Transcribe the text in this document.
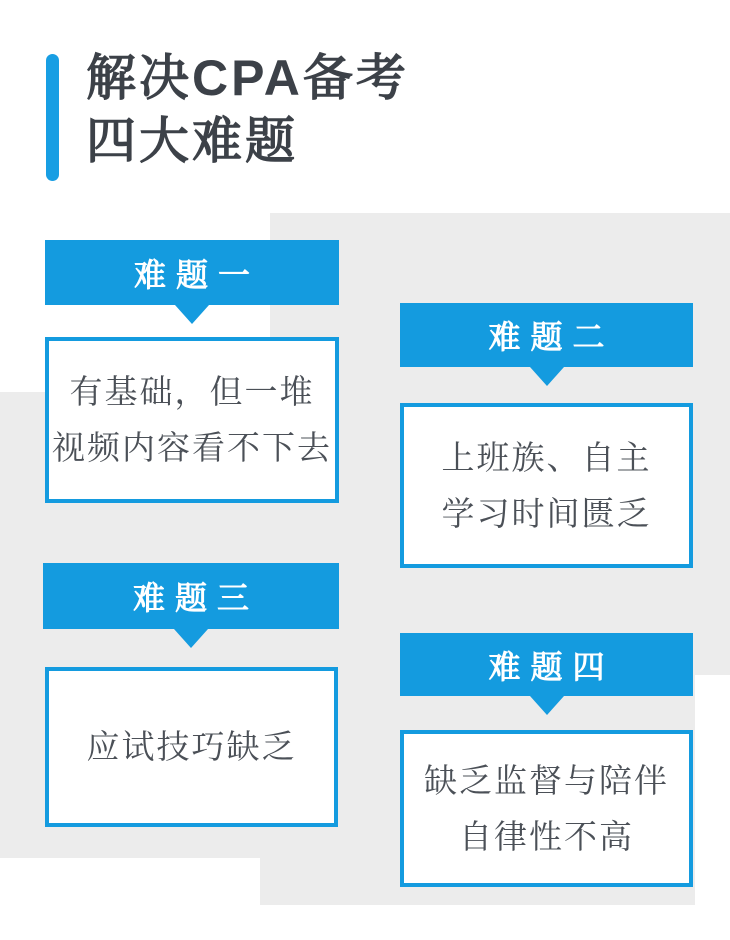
解决CPA备考
四大难题
难题一
有基础，但一堆
视频内容看不下去
难题二
上班族、自主
学习时间匮乏
难题三
应试技巧缺乏
难题四
缺乏监督与陪伴
自律性不高
